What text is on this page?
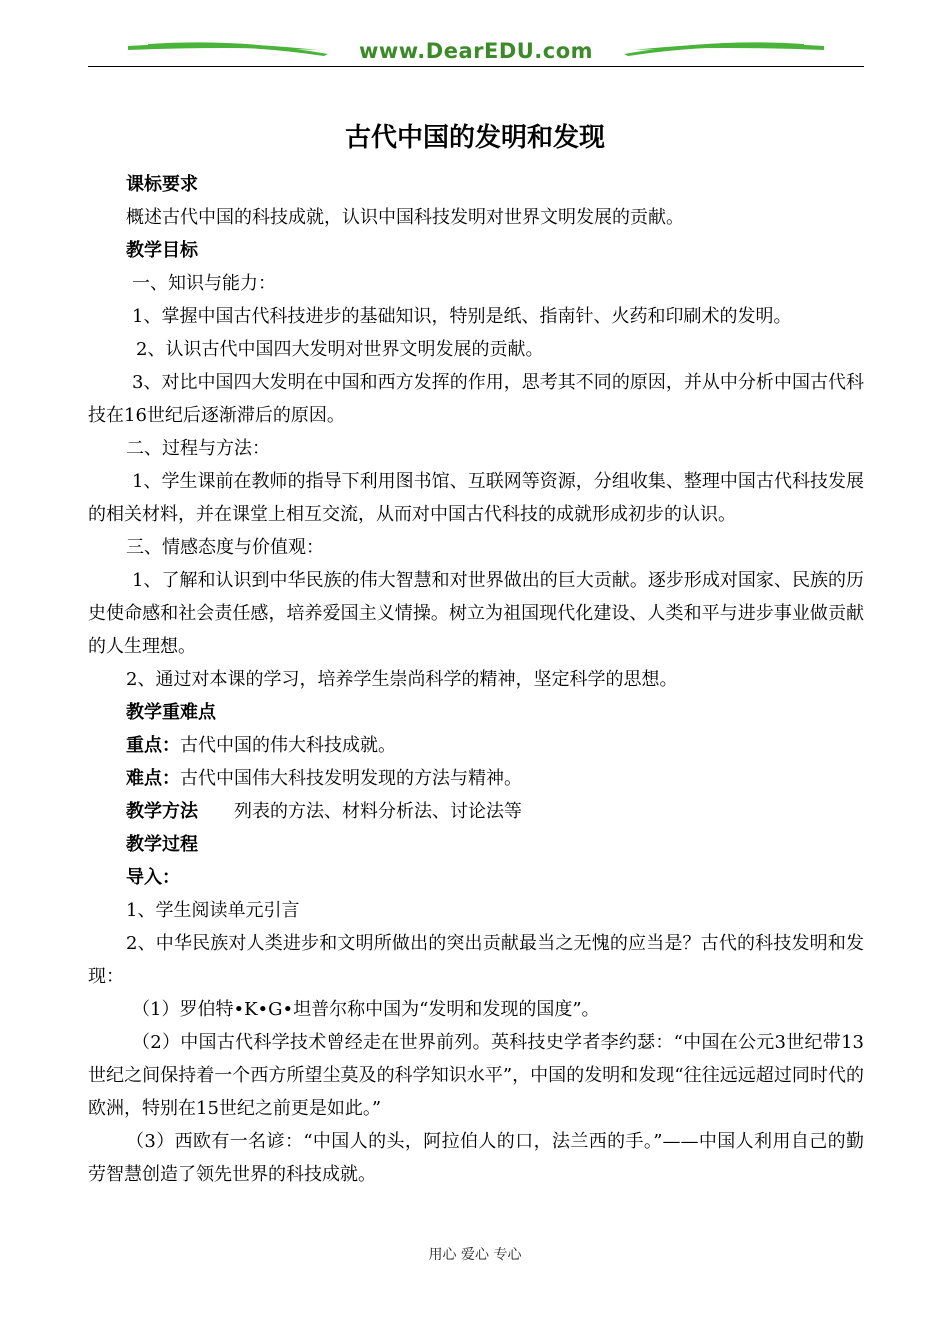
www.DearEDU.com
古代中国的发明和发现

课标要求

概述古代中国的科技成就，认识中国科技发明对世界文明发展的贡献。

教学目标

一、知识与能力：

1、掌握中国古代科技进步的基础知识，特别是纸、指南针、火药和印刷术的发明。

2、认识古代中国四大发明对世界文明发展的贡献。

3、对比中国四大发明在中国和西方发挥的作用，思考其不同的原因，并从中分析中国古代科技在16世纪后逐渐滞后的原因。

二、过程与方法：

1、学生课前在教师的指导下利用图书馆、互联网等资源，分组收集、整理中国古代科技发展的相关材料，并在课堂上相互交流，从而对中国古代科技的成就形成初步的认识。

三、情感态度与价值观：

1、了解和认识到中华民族的伟大智慧和对世界做出的巨大贡献。逐步形成对国家、民族的历史使命感和社会责任感，培养爱国主义情操。树立为祖国现代化建设、人类和平与进步事业做贡献的人生理想。

2、通过对本课的学习，培养学生崇尚科学的精神，坚定科学的思想。

教学重难点

重点：古代中国的伟大科技成就。

难点：古代中国伟大科技发明发现的方法与精神。

教学方法 列表的方法、材料分析法、讨论法等

教学过程

导入：

1、学生阅读单元引言

2、中华民族对人类进步和文明所做出的突出贡献最当之无愧的应当是？古代的科技发明和发现：

（1）罗伯特•K•G•坦普尔称中国为“发明和发现的国度”。

（2）中国古代科学技术曾经走在世界前列。英科技史学者李约瑟：“中国在公元3世纪带13世纪之间保持着一个西方所望尘莫及的科学知识水平”，中国的发明和发现“往往远远超过同时代的欧洲，特别在15世纪之前更是如此。”

（3）西欧有一名谚：“中国人的头，阿拉伯人的口，法兰西的手。”——中国人利用自己的勤劳智慧创造了领先世界的科技成就。

用心 爱心 专心
